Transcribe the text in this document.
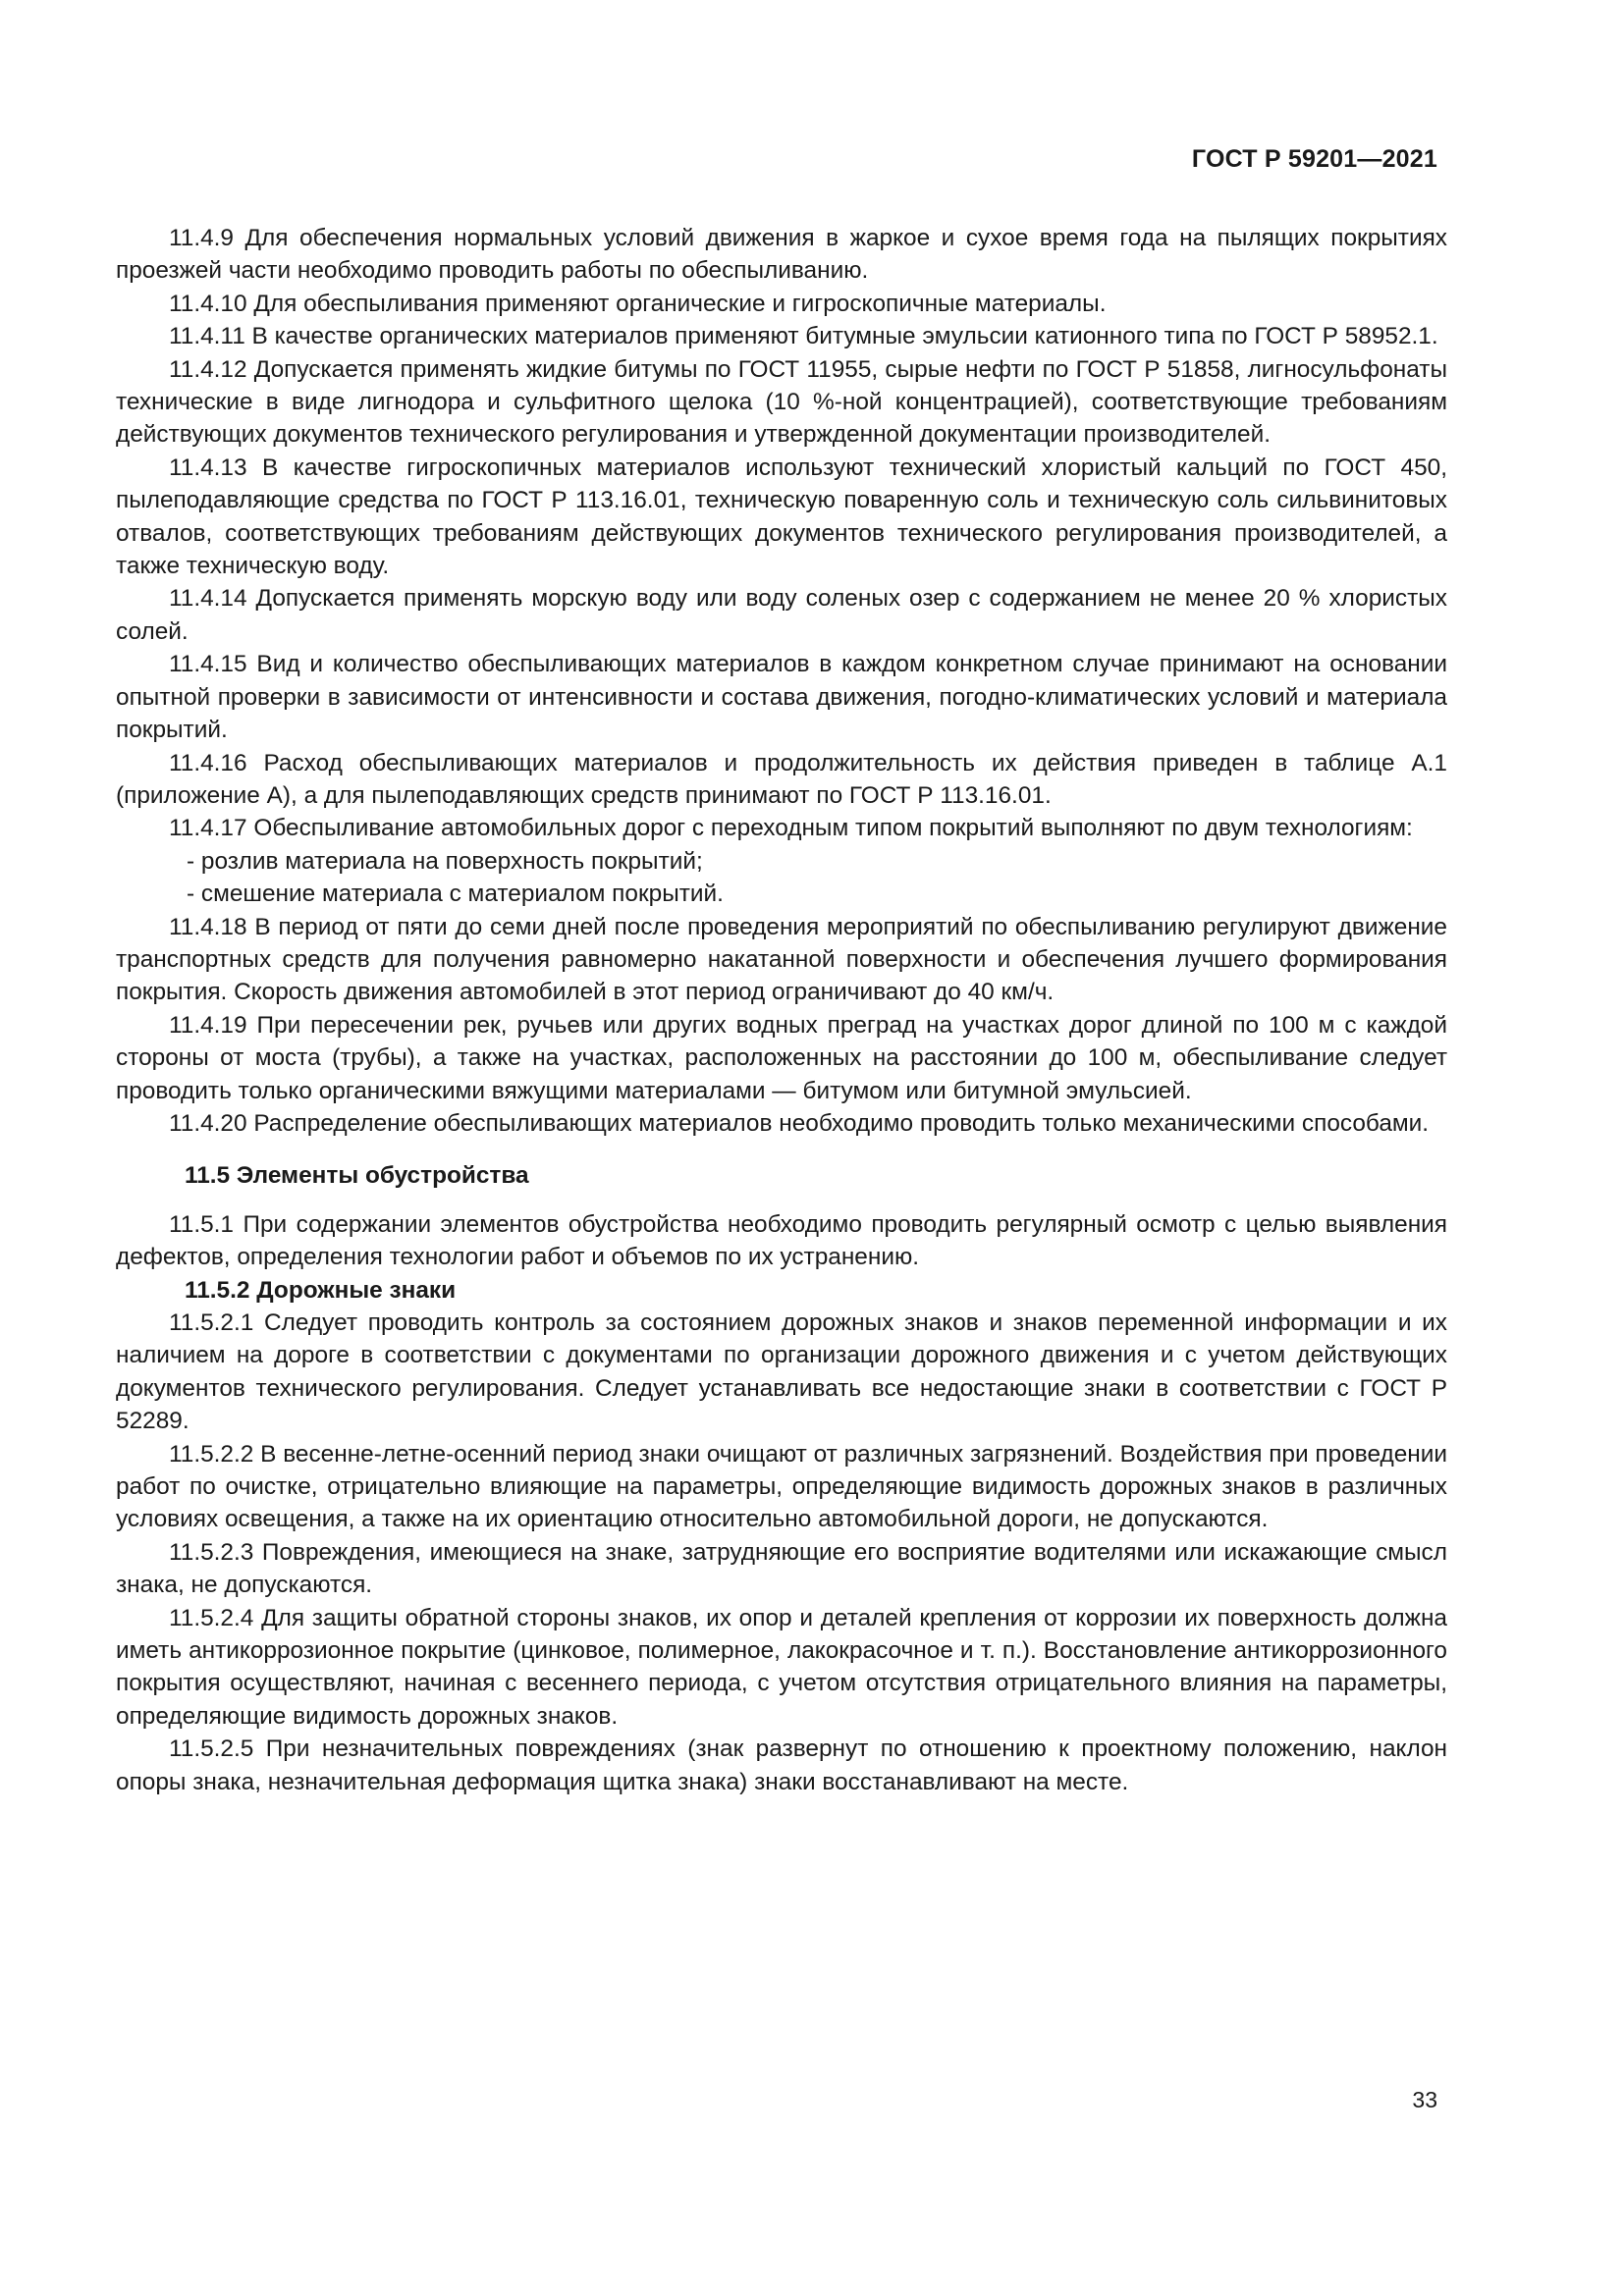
ГОСТ Р 59201—2021

11.4.9 Для обеспечения нормальных условий движения в жаркое и сухое время года на пылящих покрытиях проезжей части необходимо проводить работы по обеспыливанию.

11.4.10 Для обеспыливания применяют органические и гигроскопичные материалы.

11.4.11 В качестве органических материалов применяют битумные эмульсии катионного типа по ГОСТ Р 58952.1.

11.4.12 Допускается применять жидкие битумы по ГОСТ 11955, сырые нефти по ГОСТ Р 51858, лигносульфонаты технические в виде лигнодора и сульфитного щелока (10 %-ной концентрацией), соответствующие требованиям действующих документов технического регулирования и утвержденной документации производителей.

11.4.13 В качестве гигроскопичных материалов используют технический хлористый кальций по ГОСТ 450, пылеподавляющие средства по ГОСТ Р 113.16.01, техническую поваренную соль и техническую соль сильвинитовых отвалов, соответствующих требованиям действующих документов технического регулирования производителей, а также техническую воду.

11.4.14 Допускается применять морскую воду или воду соленых озер с содержанием не менее 20 % хлористых солей.

11.4.15 Вид и количество обеспыливающих материалов в каждом конкретном случае принимают на основании опытной проверки в зависимости от интенсивности и состава движения, погодно-климатических условий и материала покрытий.

11.4.16 Расход обеспыливающих материалов и продолжительность их действия приведен в таблице А.1 (приложение А), а для пылеподавляющих средств принимают по ГОСТ Р 113.16.01.

11.4.17 Обеспыливание автомобильных дорог с переходным типом покрытий выполняют по двум технологиям:

- розлив материала на поверхность покрытий;

- смешение материала с материалом покрытий.

11.4.18 В период от пяти до семи дней после проведения мероприятий по обеспыливанию регулируют движение транспортных средств для получения равномерно накатанной поверхности и обеспечения лучшего формирования покрытия. Скорость движения автомобилей в этот период ограничивают до 40 км/ч.

11.4.19 При пересечении рек, ручьев или других водных преград на участках дорог длиной по 100 м с каждой стороны от моста (трубы), а также на участках, расположенных на расстоянии до 100 м, обеспыливание следует проводить только органическими вяжущими материалами — битумом или битумной эмульсией.

11.4.20 Распределение обеспыливающих материалов необходимо проводить только механическими способами.

11.5 Элементы обустройства

11.5.1 При содержании элементов обустройства необходимо проводить регулярный осмотр с целью выявления дефектов, определения технологии работ и объемов по их устранению.

11.5.2 Дорожные знаки

11.5.2.1 Следует проводить контроль за состоянием дорожных знаков и знаков переменной информации и их наличием на дороге в соответствии с документами по организации дорожного движения и с учетом действующих документов технического регулирования. Следует устанавливать все недостающие знаки в соответствии с ГОСТ Р 52289.

11.5.2.2 В весенне-летне-осенний период знаки очищают от различных загрязнений. Воздействия при проведении работ по очистке, отрицательно влияющие на параметры, определяющие видимость дорожных знаков в различных условиях освещения, а также на их ориентацию относительно автомобильной дороги, не допускаются.

11.5.2.3 Повреждения, имеющиеся на знаке, затрудняющие его восприятие водителями или искажающие смысл знака, не допускаются.

11.5.2.4 Для защиты обратной стороны знаков, их опор и деталей крепления от коррозии их поверхность должна иметь антикоррозионное покрытие (цинковое, полимерное, лакокрасочное и т. п.). Восстановление антикоррозионного покрытия осуществляют, начиная с весеннего периода, с учетом отсутствия отрицательного влияния на параметры, определяющие видимость дорожных знаков.

11.5.2.5 При незначительных повреждениях (знак развернут по отношению к проектному положению, наклон опоры знака, незначительная деформация щитка знака) знаки восстанавливают на месте.

33
